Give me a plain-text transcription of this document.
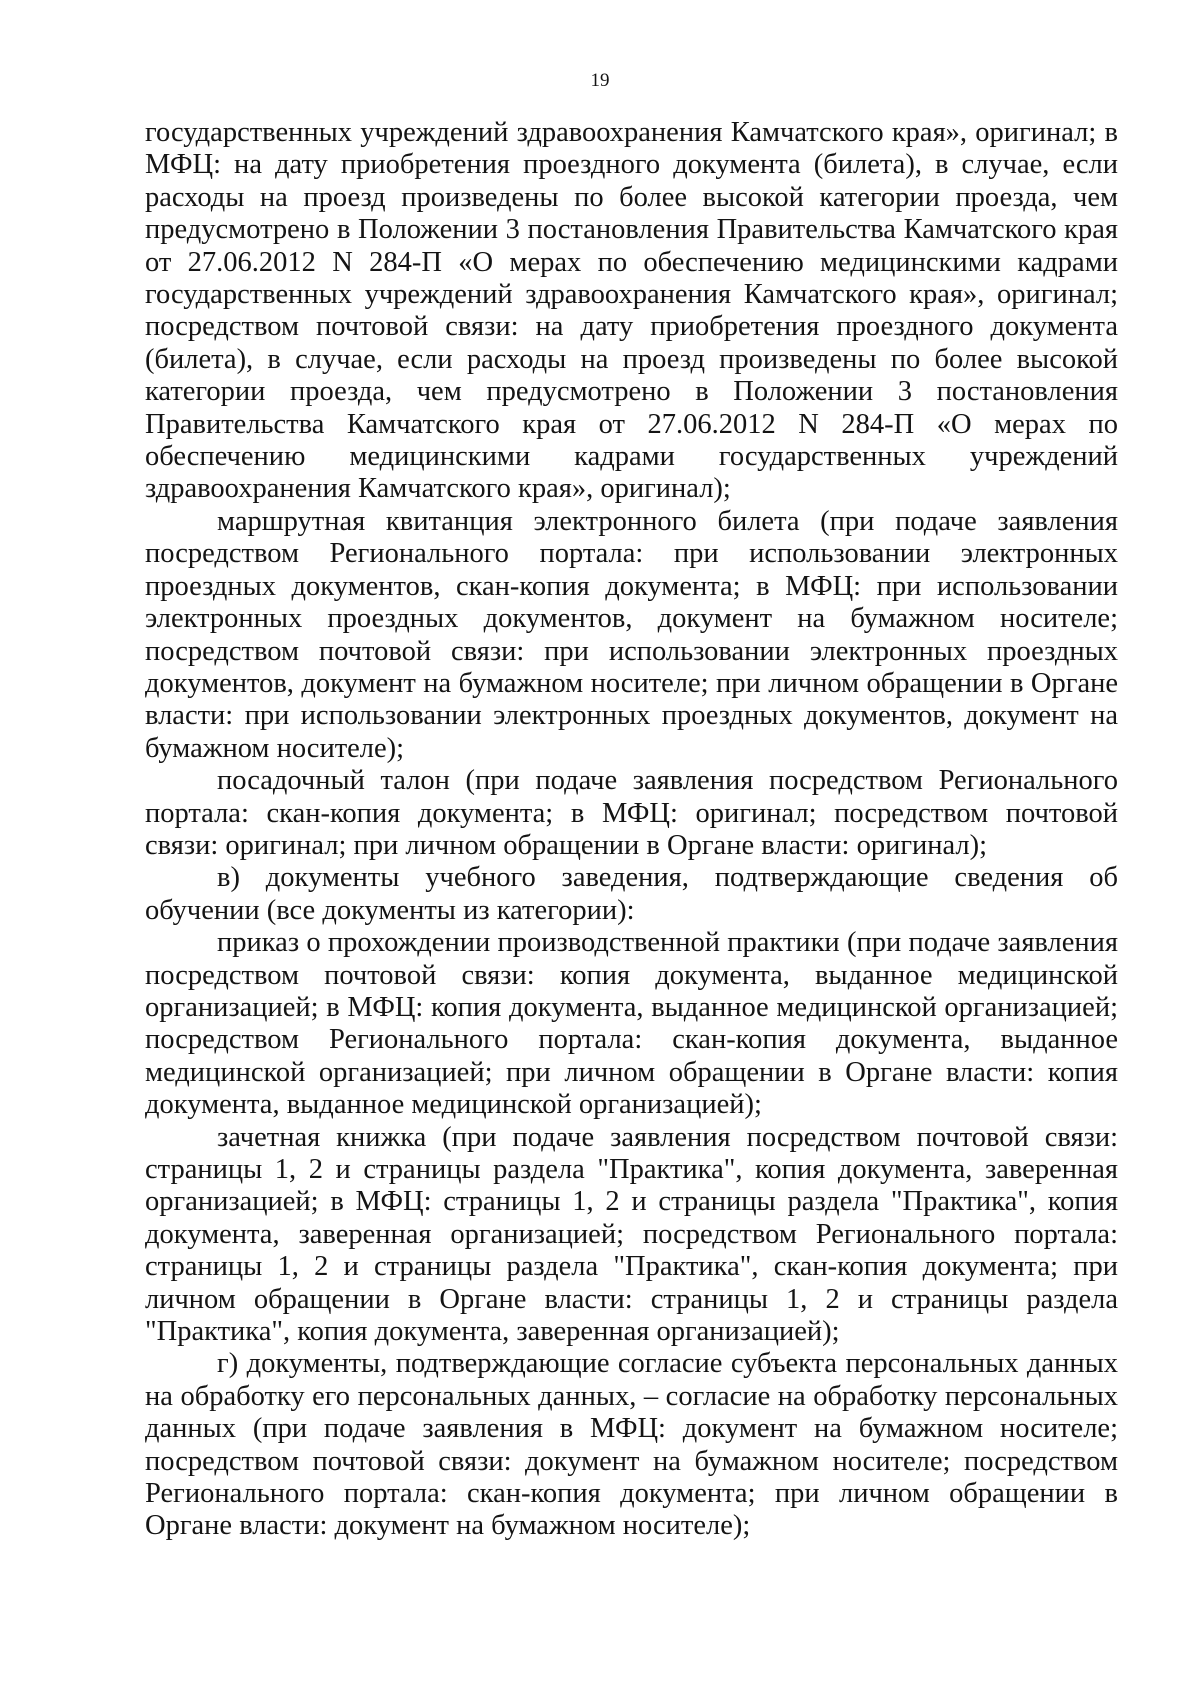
19

государственных учреждений здравоохранения Камчатского края», оригинал; в МФЦ: на дату приобретения проездного документа (билета), в случае, если расходы на проезд произведены по более высокой категории проезда, чем предусмотрено в Положении 3 постановления Правительства Камчатского края от 27.06.2012 N 284-П «О мерах по обеспечению медицинскими кадрами государственных учреждений здравоохранения Камчатского края», оригинал; посредством почтовой связи: на дату приобретения проездного документа (билета), в случае, если расходы на проезд произведены по более высокой категории проезда, чем предусмотрено в Положении 3 постановления Правительства Камчатского края от 27.06.2012 N 284-П «О мерах по обеспечению медицинскими кадрами государственных учреждений здравоохранения Камчатского края», оригинал);

маршрутная квитанция электронного билета (при подаче заявления посредством Регионального портала: при использовании электронных проездных документов, скан-копия документа; в МФЦ: при использовании электронных проездных документов, документ на бумажном носителе; посредством почтовой связи: при использовании электронных проездных документов, документ на бумажном носителе; при личном обращении в Органе власти: при использовании электронных проездных документов, документ на бумажном носителе);

посадочный талон (при подаче заявления посредством Регионального портала: скан-копия документа; в МФЦ: оригинал; посредством почтовой связи: оригинал; при личном обращении в Органе власти: оригинал);

в) документы учебного заведения, подтверждающие сведения об обучении (все документы из категории):

приказ о прохождении производственной практики (при подаче заявления посредством почтовой связи: копия документа, выданное медицинской организацией; в МФЦ: копия документа, выданное медицинской организацией; посредством Регионального портала: скан-копия документа, выданное медицинской организацией; при личном обращении в Органе власти: копия документа, выданное медицинской организацией);

зачетная книжка (при подаче заявления посредством почтовой связи: страницы 1, 2 и страницы раздела "Практика", копия документа, заверенная организацией; в МФЦ: страницы 1, 2 и страницы раздела "Практика", копия документа, заверенная организацией; посредством Регионального портала: страницы 1, 2 и страницы раздела "Практика", скан-копия документа; при личном обращении в Органе власти: страницы 1, 2 и страницы раздела "Практика", копия документа, заверенная организацией);

г) документы, подтверждающие согласие субъекта персональных данных на обработку его персональных данных, – согласие на обработку персональных данных (при подаче заявления в МФЦ: документ на бумажном носителе; посредством почтовой связи: документ на бумажном носителе; посредством Регионального портала: скан-копия документа; при личном обращении в Органе власти: документ на бумажном носителе);
